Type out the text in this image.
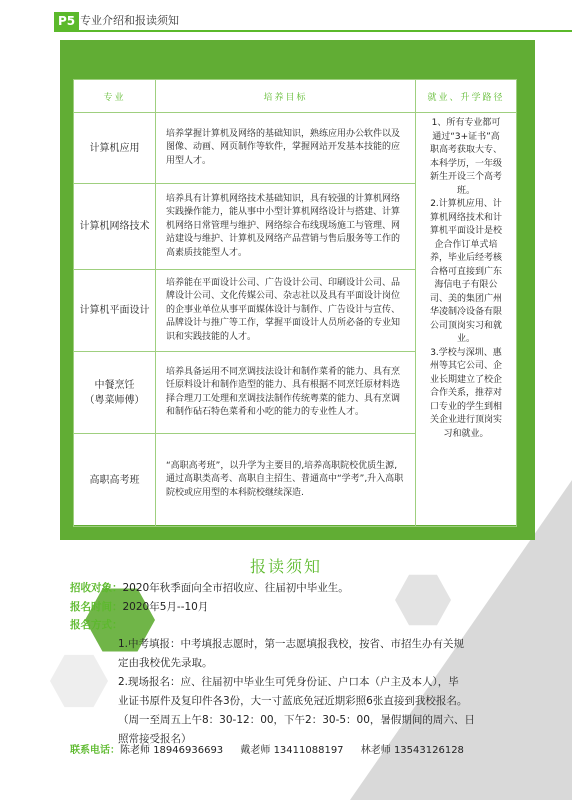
P5 专业介绍和报读须知
专业	培养目标	就业、升学路径
计算机应用	培养掌握计算机及网络的基础知识，熟练应用办公软件以及图像、动画、网页制作等软件，掌握网站开发基本技能的应用型人才。	1、所有专业都可通过“3+证书”高职高考获取大专、本科学历，一年级新生开设三个高考班。
2.计算机应用、计算机网络技术和计算机平面设计是校企合作订单式培养，毕业后经考核合格可直接到广东海信电子有限公司、美的集团广州华凌制冷设备有限公司顶岗实习和就业。
3.学校与深圳、惠州等其它公司、企业长期建立了校企合作关系，推荐对口专业的学生到相关企业进行顶岗实习和就业。

计算机网络技术	培养具有计算机网络技术基础知识，具有较强的计算机网络实践操作能力，能从事中小型计算机网络设计与搭建、计算机网络日常管理与维护、网络综合布线现场施工与管理、网站建设与维护、计算机及网络产品营销与售后服务等工作的高素质技能型人才。	
计算机平面设计	培养能在平面设计公司、广告设计公司、印刷设计公司、品牌设计公司、文化传媒公司、杂志社以及具有平面设计岗位的企事业单位从事平面媒体设计与制作、广告设计与宣传、品牌设计与推广等工作，掌握平面设计人员所必备的专业知识和实践技能的人才。	

中餐烹饪
（粤菜师傅）	培养具备运用不同烹调技法设计和制作菜肴的能力、具有烹饪原料设计和制作造型的能力、具有根据不同烹饪原材料选择合理刀工处理和烹调技法制作传统粤菜的能力、具有烹调和制作砧石特色菜肴和小吃的能力的专业性人才。	
高职高考班	“高职高考班”，以升学为主要目的,培养高职院校优质生源,通过高职类高考、高职自主招生、普通高中“学考”,升入高职院校或应用型的本科院校继续深造.	
报读须知
招收对象：2020年秋季面向全市招收应、往届初中毕业生。
报名时间：2020年5月--10月
报名方式：
1.中考填报：中考填报志愿时，第一志愿填报我校，按省、市招生办有关规
定由我校优先录取。
2.现场报名：应、往届初中毕业生可凭身份证、户口本（户主及本人），毕
业证书原件及复印件各3份，大一寸蓝底免冠近期彩照6张直接到我校报名。
（周一至周五上午8：30-12：00，下午2：30-5：00，暑假期间的周六、日
照常接受报名）
联系电话：陈老师 18946936693 戴老师 13411088197 林老师 13543126128
